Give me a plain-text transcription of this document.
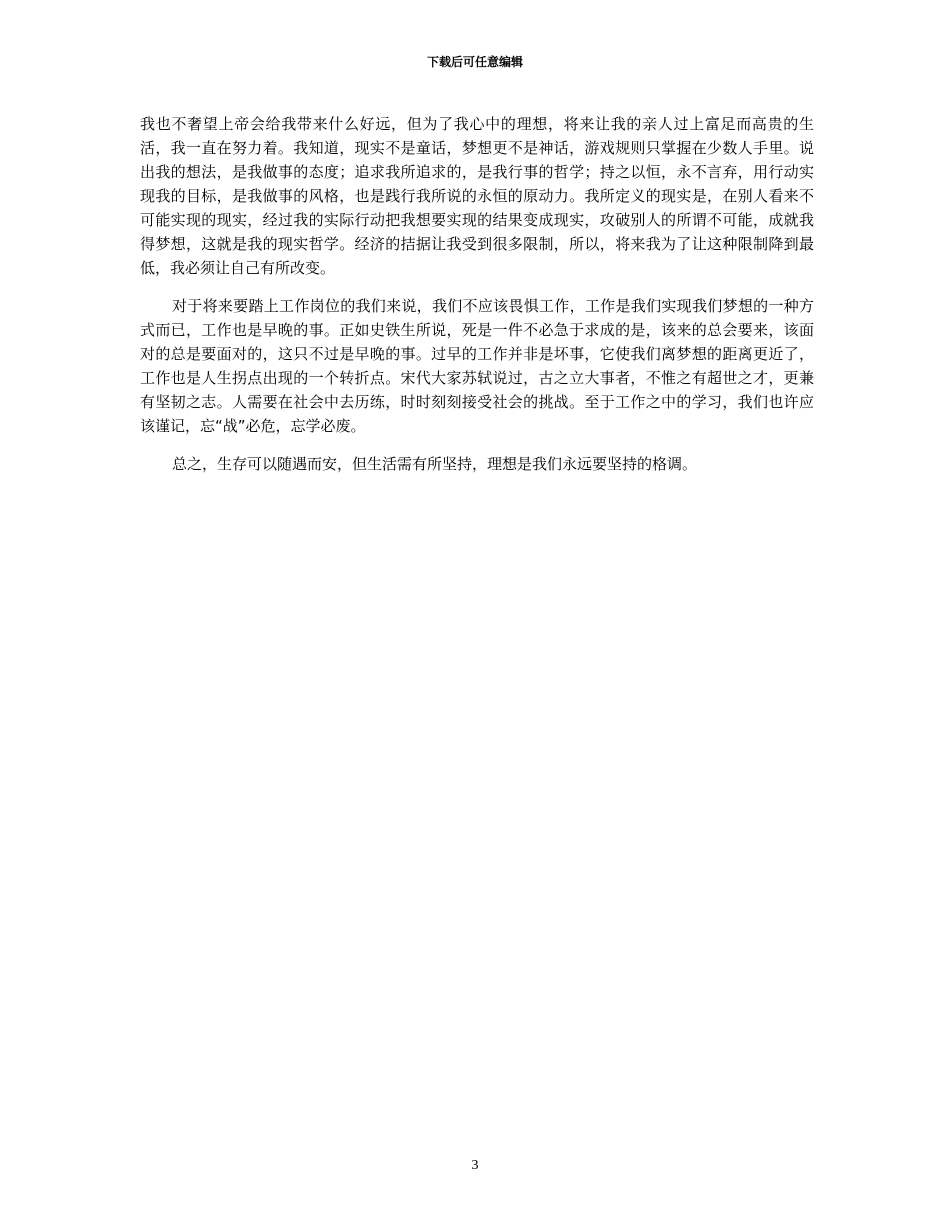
下载后可任意编辑

我也不奢望上帝会给我带来什么好远，但为了我心中的理想，将来让我的亲人过上富足而高贵的生活，我一直在努力着。我知道，现实不是童话，梦想更不是神话，游戏规则只掌握在少数人手里。说出我的想法，是我做事的态度；追求我所追求的，是我行事的哲学；持之以恒，永不言弃，用行动实现我的目标，是我做事的风格，也是践行我所说的永恒的原动力。我所定义的现实是，在别人看来不可能实现的现实，经过我的实际行动把我想要实现的结果变成现实，攻破别人的所谓不可能，成就我得梦想，这就是我的现实哲学。经济的拮据让我受到很多限制，所以，将来我为了让这种限制降到最低，我必须让自己有所改变。

对于将来要踏上工作岗位的我们来说，我们不应该畏惧工作，工作是我们实现我们梦想的一种方式而已，工作也是早晚的事。正如史铁生所说，死是一件不必急于求成的是，该来的总会要来，该面对的总是要面对的，这只不过是早晚的事。过早的工作并非是坏事，它使我们离梦想的距离更近了，工作也是人生拐点出现的一个转折点。宋代大家苏轼说过，古之立大事者，不惟之有超世之才，更兼有坚韧之志。人需要在社会中去历练，时时刻刻接受社会的挑战。至于工作之中的学习，我们也许应该谨记，忘“战”必危，忘学必废。

总之，生存可以随遇而安，但生活需有所坚持，理想是我们永远要坚持的格调。

3
